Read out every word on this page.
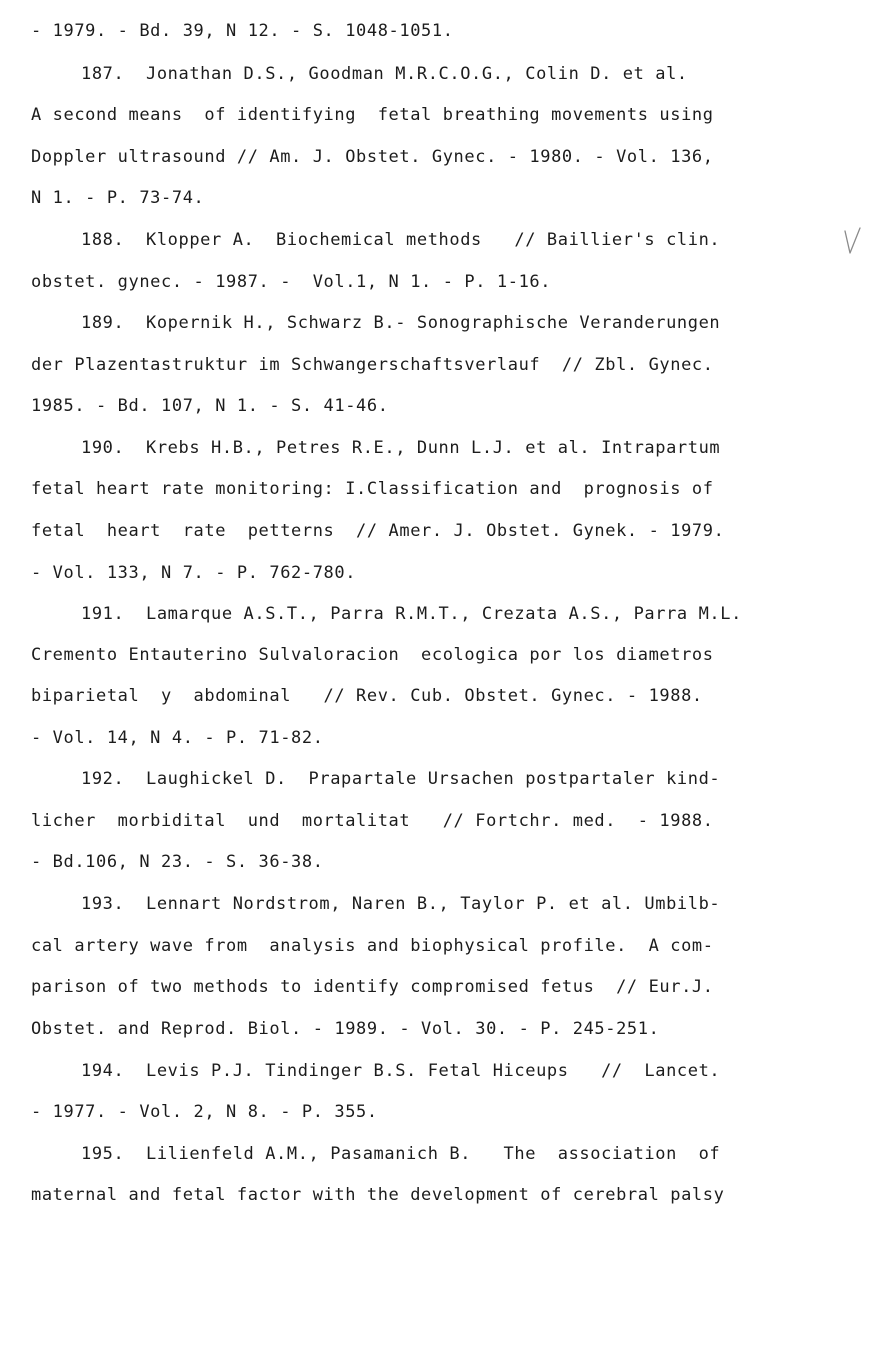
- 1979. - Bd. 39, N 12. - S. 1048-1051.
187.  Jonathan D.S., Goodman M.R.C.O.G., Colin D. et al.
A second means  of identifying  fetal breathing movements using
Doppler ultrasound // Am. J. Obstet. Gynec. - 1980. - Vol. 136,
N 1. - P. 73-74.
188.  Klopper A.  Biochemical methods   // Baillier's clin.
obstet. gynec. - 1987. -  Vol.1, N 1. - P. 1-16.
189.  Kopernik H., Schwarz B.- Sonographische Veranderungen
der Plazentastruktur im Schwangerschaftsverlauf  // Zbl. Gynec.
1985. - Bd. 107, N 1. - S. 41-46.
190.  Krebs H.B., Petres R.E., Dunn L.J. et al. Intrapartum
fetal heart rate monitoring: I.Classification and  prognosis of
fetal  heart  rate  petterns  // Amer. J. Obstet. Gynek. - 1979.
- Vol. 133, N 7. - P. 762-780.
191.  Lamarque A.S.T., Parra R.M.T., Crezata A.S., Parra M.L.
Cremento Entauterino Sulvaloracion  ecologica por los diametros
biparietal  y  abdominal   // Rev. Cub. Obstet. Gynec. - 1988.
- Vol. 14, N 4. - P. 71-82.
192.  Laughickel D.  Prapartale Ursachen postpartaler kind-
licher  morbidital  und  mortalitat   // Fortchr. med.  - 1988.
- Bd.106, N 23. - S. 36-38.
193.  Lennart Nordstrom, Naren B., Taylor P. et al. Umbilb-
cal artery wave from  analysis and biophysical profile.  A com-
parison of two methods to identify compromised fetus  // Eur.J.
Obstet. and Reprod. Biol. - 1989. - Vol. 30. - P. 245-251.
194.  Levis P.J. Tindinger B.S. Fetal Hiceups   //  Lancet.
- 1977. - Vol. 2, N 8. - P. 355.
195.  Lilienfeld A.M., Pasamanich B.   The  association  of
maternal and fetal factor with the development of cerebral palsy
